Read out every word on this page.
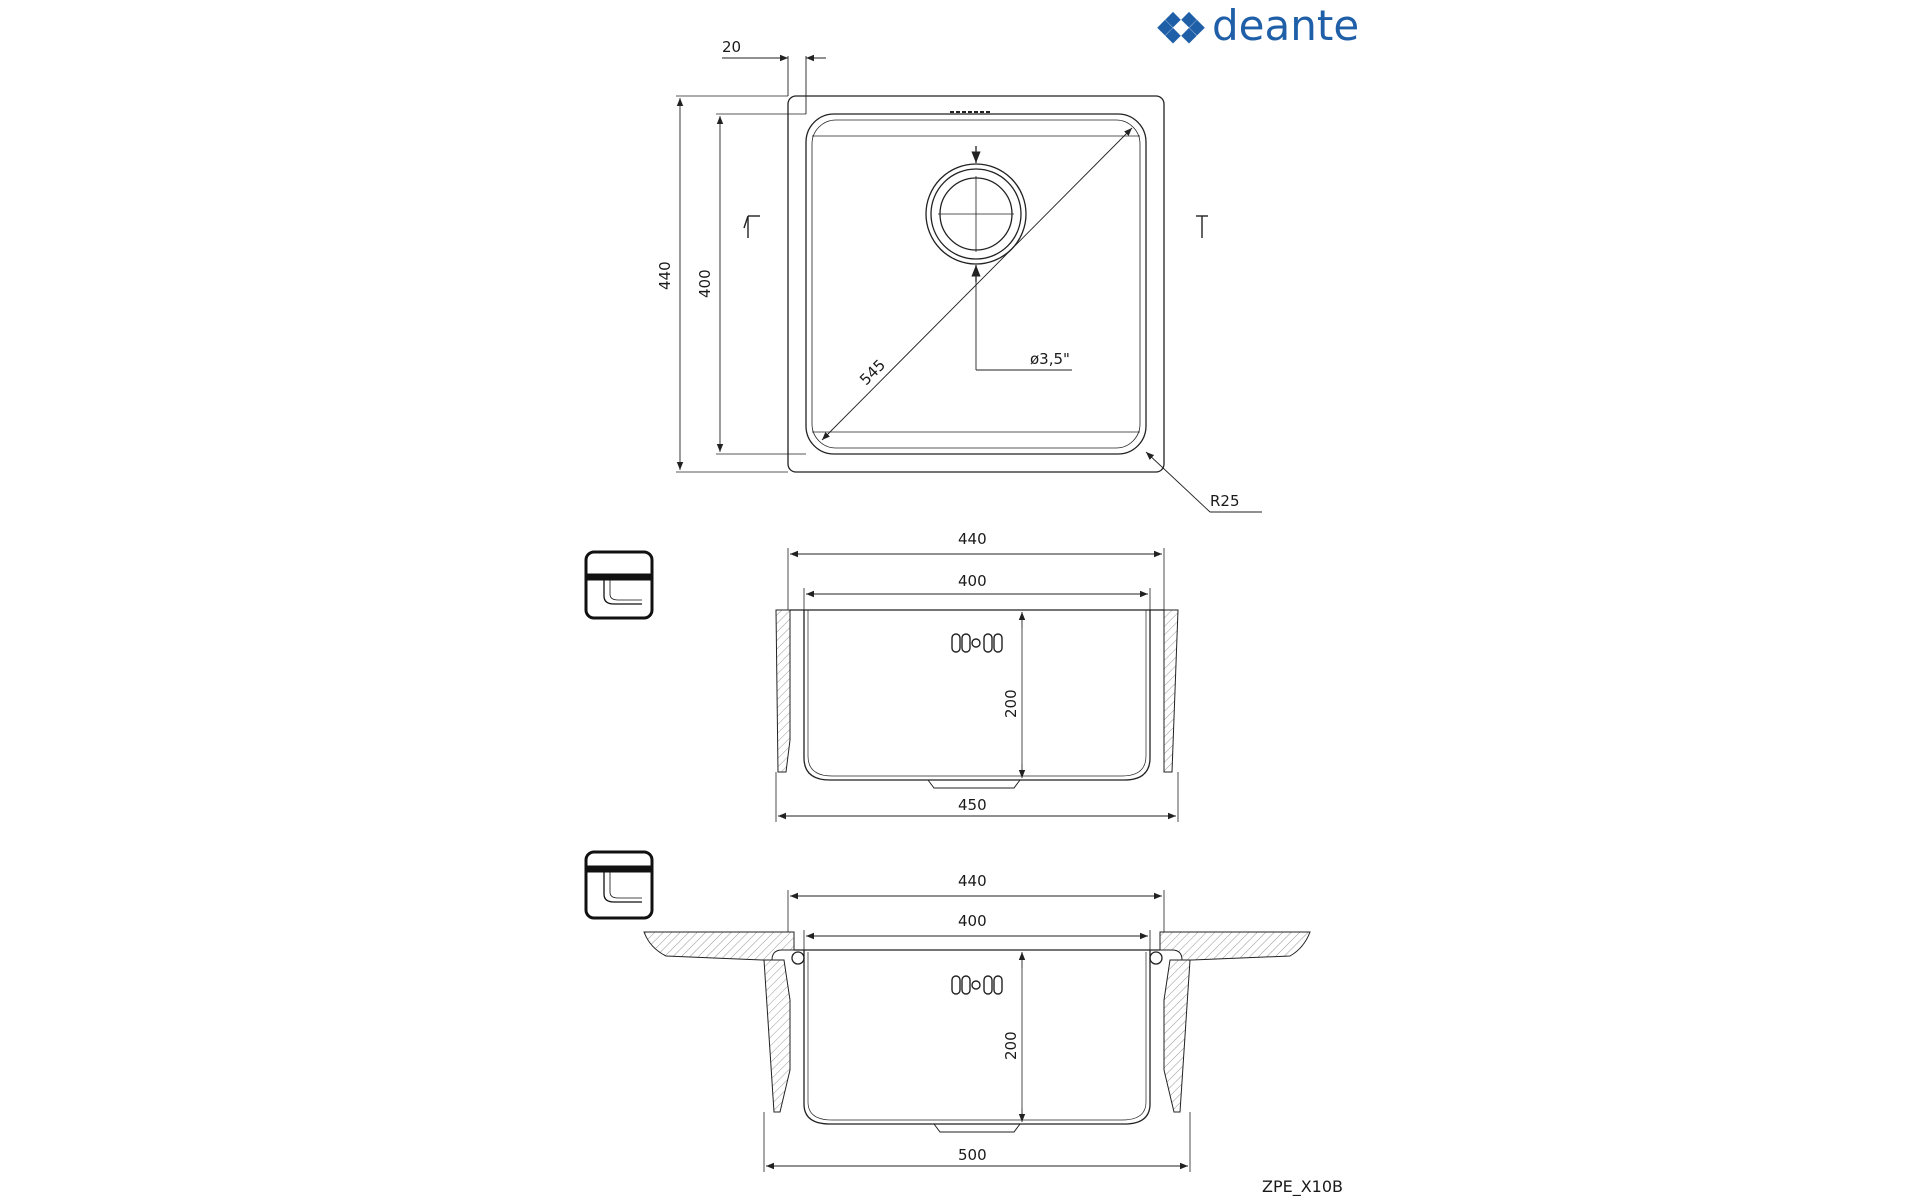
deante
20
440 400
545	ø3,5"
R25
440
400
200
450
440
400
200
500
ZPE_X10B
